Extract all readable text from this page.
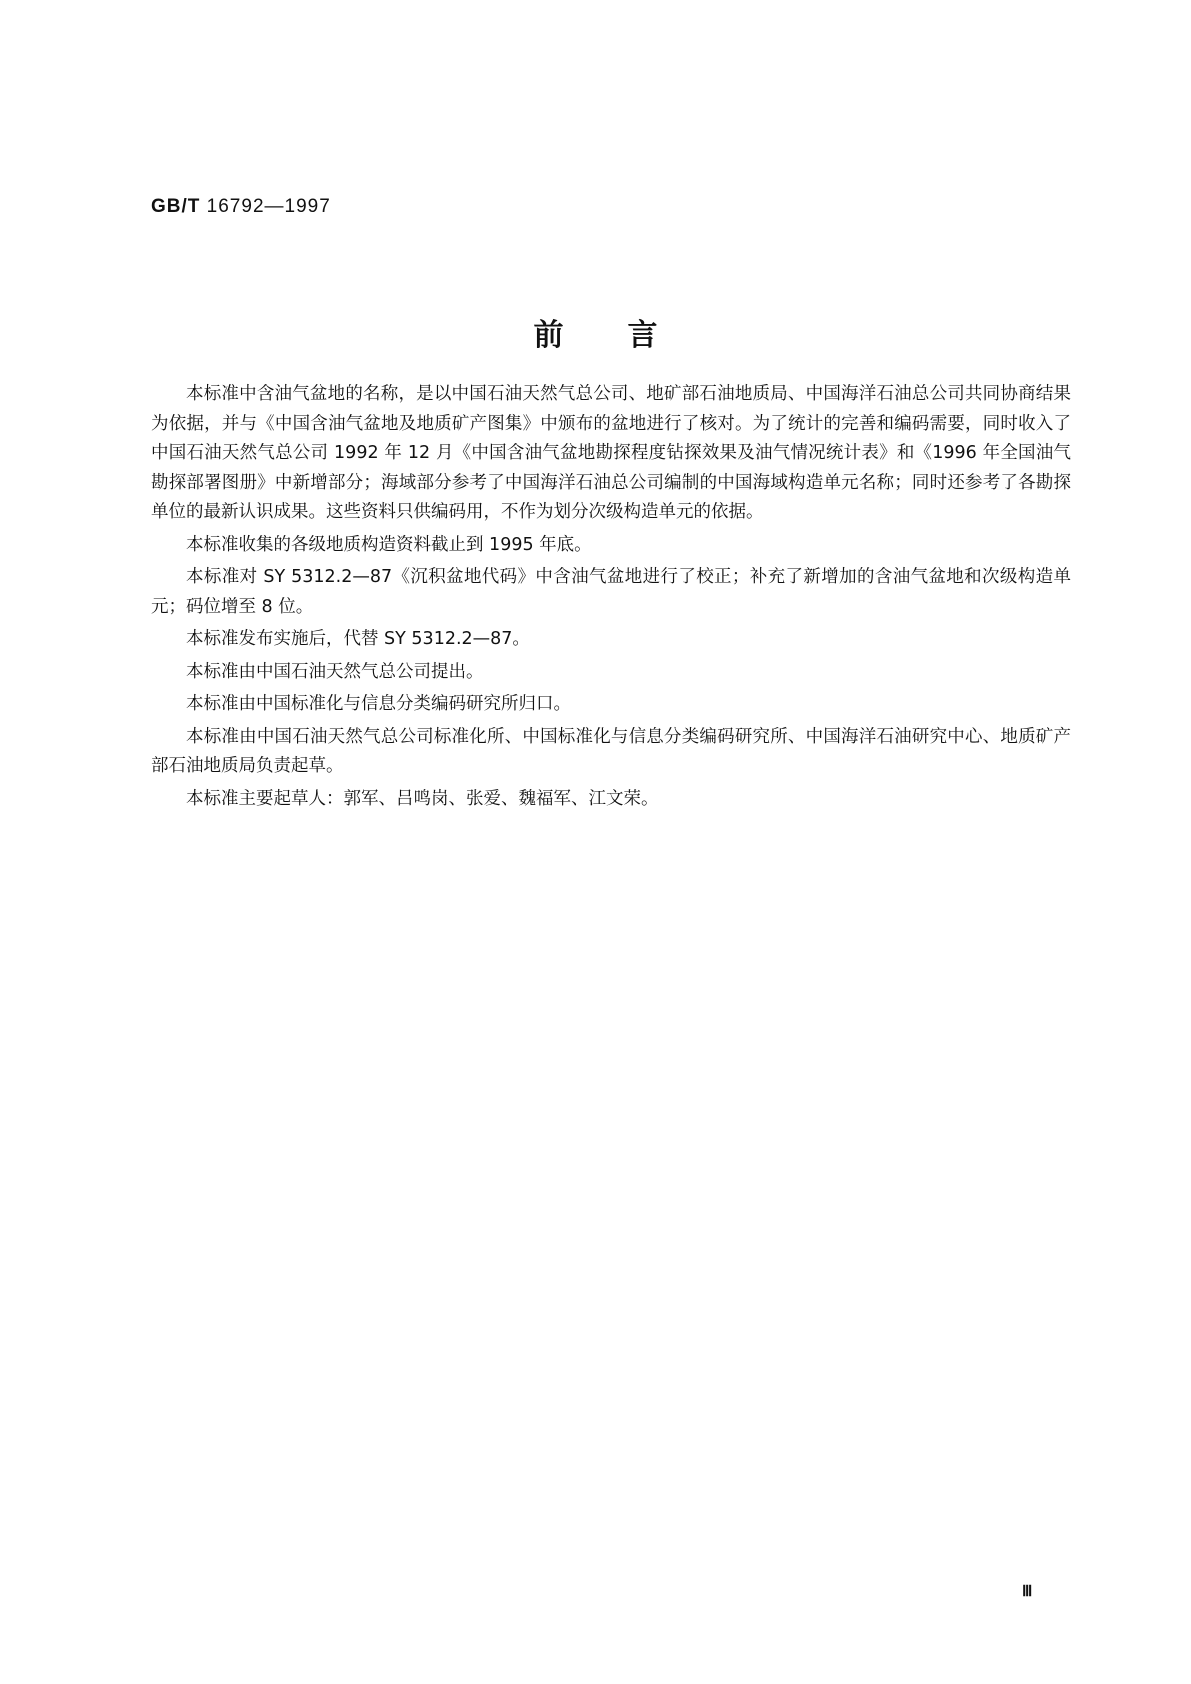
GB/T 16792—1997
前言

本标准中含油气盆地的名称，是以中国石油天然气总公司、地矿部石油地质局、中国海洋石油总公司共同协商结果为依据，并与《中国含油气盆地及地质矿产图集》中颁布的盆地进行了核对。为了统计的完善和编码需要，同时收入了中国石油天然气总公司 1992 年 12 月《中国含油气盆地勘探程度钻探效果及油气情况统计表》和《1996 年全国油气勘探部署图册》中新增部分；海域部分参考了中国海洋石油总公司编制的中国海域构造单元名称；同时还参考了各勘探单位的最新认识成果。这些资料只供编码用，不作为划分次级构造单元的依据。

本标准收集的各级地质构造资料截止到 1995 年底。

本标准对 SY 5312.2—87《沉积盆地代码》中含油气盆地进行了校正；补充了新增加的含油气盆地和次级构造单元；码位增至 8 位。

本标准发布实施后，代替 SY 5312.2—87。

本标准由中国石油天然气总公司提出。

本标准由中国标准化与信息分类编码研究所归口。

本标准由中国石油天然气总公司标准化所、中国标准化与信息分类编码研究所、中国海洋石油研究中心、地质矿产部石油地质局负责起草。

本标准主要起草人：郭军、吕鸣岗、张爱、魏福军、江文荣。

Ⅲ
